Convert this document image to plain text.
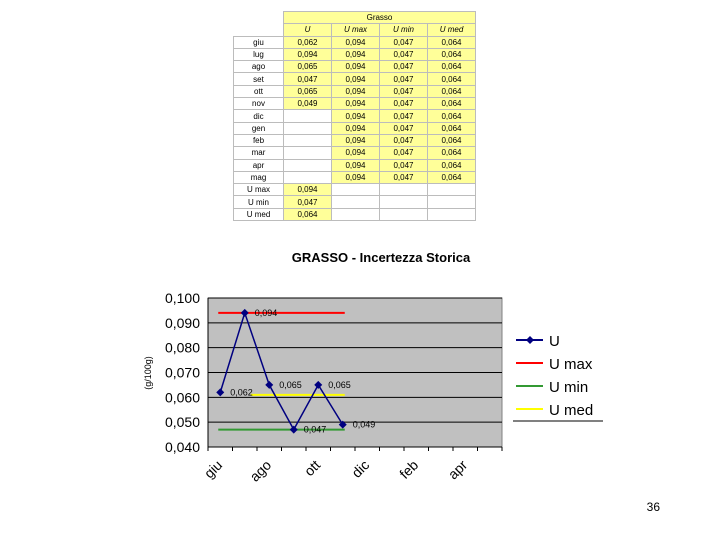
	Grasso			
	U	U max	U min	U med
giu	0,062	0,094	0,047	0,064
lug	0,094	0,094	0,047	0,064
ago	0,065	0,094	0,047	0,064
set	0,047	0,094	0,047	0,064
ott	0,065	0,094	0,047	0,064
nov	0,049	0,094	0,047	0,064
dic		0,094	0,047	0,064
gen		0,094	0,047	0,064
feb		0,094	0,047	0,064
mar		0,094	0,047	0,064
apr		0,094	0,047	0,064
mag		0,094	0,047	0,064
U max	0,094			
U min	0,047			
U med	0,064			
GRASSO - Incertezza Storica
(g/100g)
0,040
0,050
0,060
0,070
0,080
0,090
0,100
giu ago ott dic feb apr
0,062
0,094
0,065
0,047
0,065
0,049
U
U max
U min
U med
36
